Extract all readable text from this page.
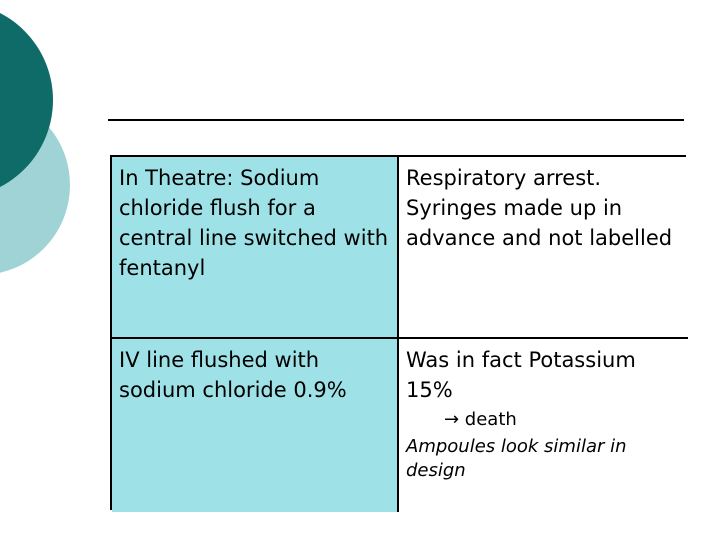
In Theatre: Sodium chloride flush for a central line switched with fentanyl
Respiratory arrest. Syringes made up in advance and not labelled
IV line flushed with sodium chloride 0.9%
Was in fact Potassium 15%
→ death
Ampoules look similar in design
